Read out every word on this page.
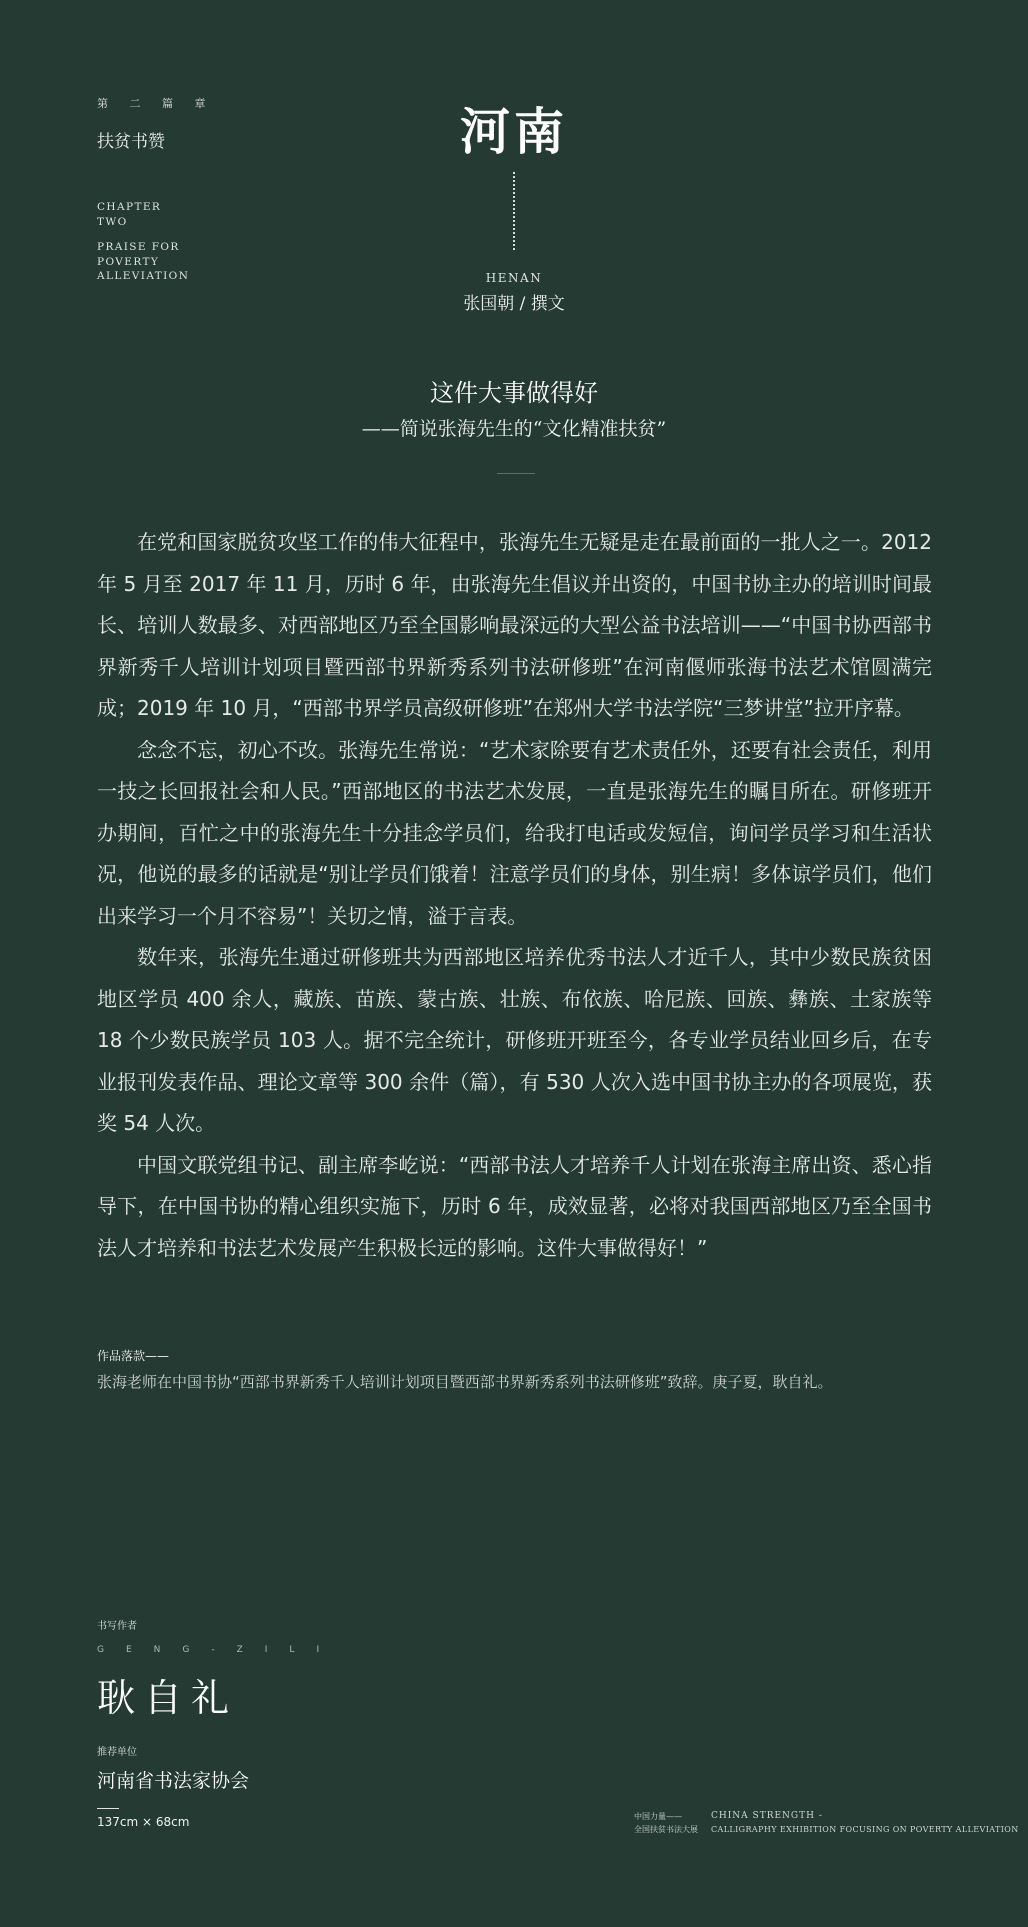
第 二 篇 章
扶贫书赞
CHAPTER
TWO
PRAISE FOR
POVERTY
ALLEVIATION
河南
HENAN
张国朝 / 撰文
这件大事做得好
——简说张海先生的“文化精准扶贫”

在党和国家脱贫攻坚工作的伟大征程中，张海先生无疑是走在最前面的一批人之一。2012 年 5 月至 2017 年 11 月，历时 6 年，由张海先生倡议并出资的，中国书协主办的培训时间最长、培训人数最多、对西部地区乃至全国影响最深远的大型公益书法培训——“中国书协西部书界新秀千人培训计划项目暨西部书界新秀系列书法研修班”在河南偃师张海书法艺术馆圆满完成；2019 年 10 月，“西部书界学员高级研修班”在郑州大学书法学院“三梦讲堂”拉开序幕。

念念不忘，初心不改。张海先生常说：“艺术家除要有艺术责任外，还要有社会责任，利用一技之长回报社会和人民。”西部地区的书法艺术发展，一直是张海先生的瞩目所在。研修班开办期间，百忙之中的张海先生十分挂念学员们，给我打电话或发短信，询问学员学习和生活状况，他说的最多的话就是“别让学员们饿着！注意学员们的身体，别生病！多体谅学员们，他们出来学习一个月不容易”！关切之情，溢于言表。

数年来，张海先生通过研修班共为西部地区培养优秀书法人才近千人，其中少数民族贫困地区学员 400 余人，藏族、苗族、蒙古族、壮族、布依族、哈尼族、回族、彝族、土家族等 18 个少数民族学员 103 人。据不完全统计，研修班开班至今，各专业学员结业回乡后，在专业报刊发表作品、理论文章等 300 余件（篇），有 530 人次入选中国书协主办的各项展览，获奖 54 人次。

中国文联党组书记、副主席李屹说：“西部书法人才培养千人计划在张海主席出资、悉心指导下，在中国书协的精心组织实施下，历时 6 年，成效显著，必将对我国西部地区乃至全国书法人才培养和书法艺术发展产生积极长远的影响。这件大事做得好！”

作品落款——
张海老师在中国书协“西部书界新秀千人培训计划项目暨西部书界新秀系列书法研修班”致辞。庚子夏，耿自礼。
书写作者
GENG-ZILI
耿自礼
推荐单位
河南省书法家协会
137cm × 68cm	中国力量——
全国扶贫书法大展
CHINA STRENGTH -
CALLIGRAPHY EXHIBITION FOCUSING ON POVERTY ALLEVIATION
